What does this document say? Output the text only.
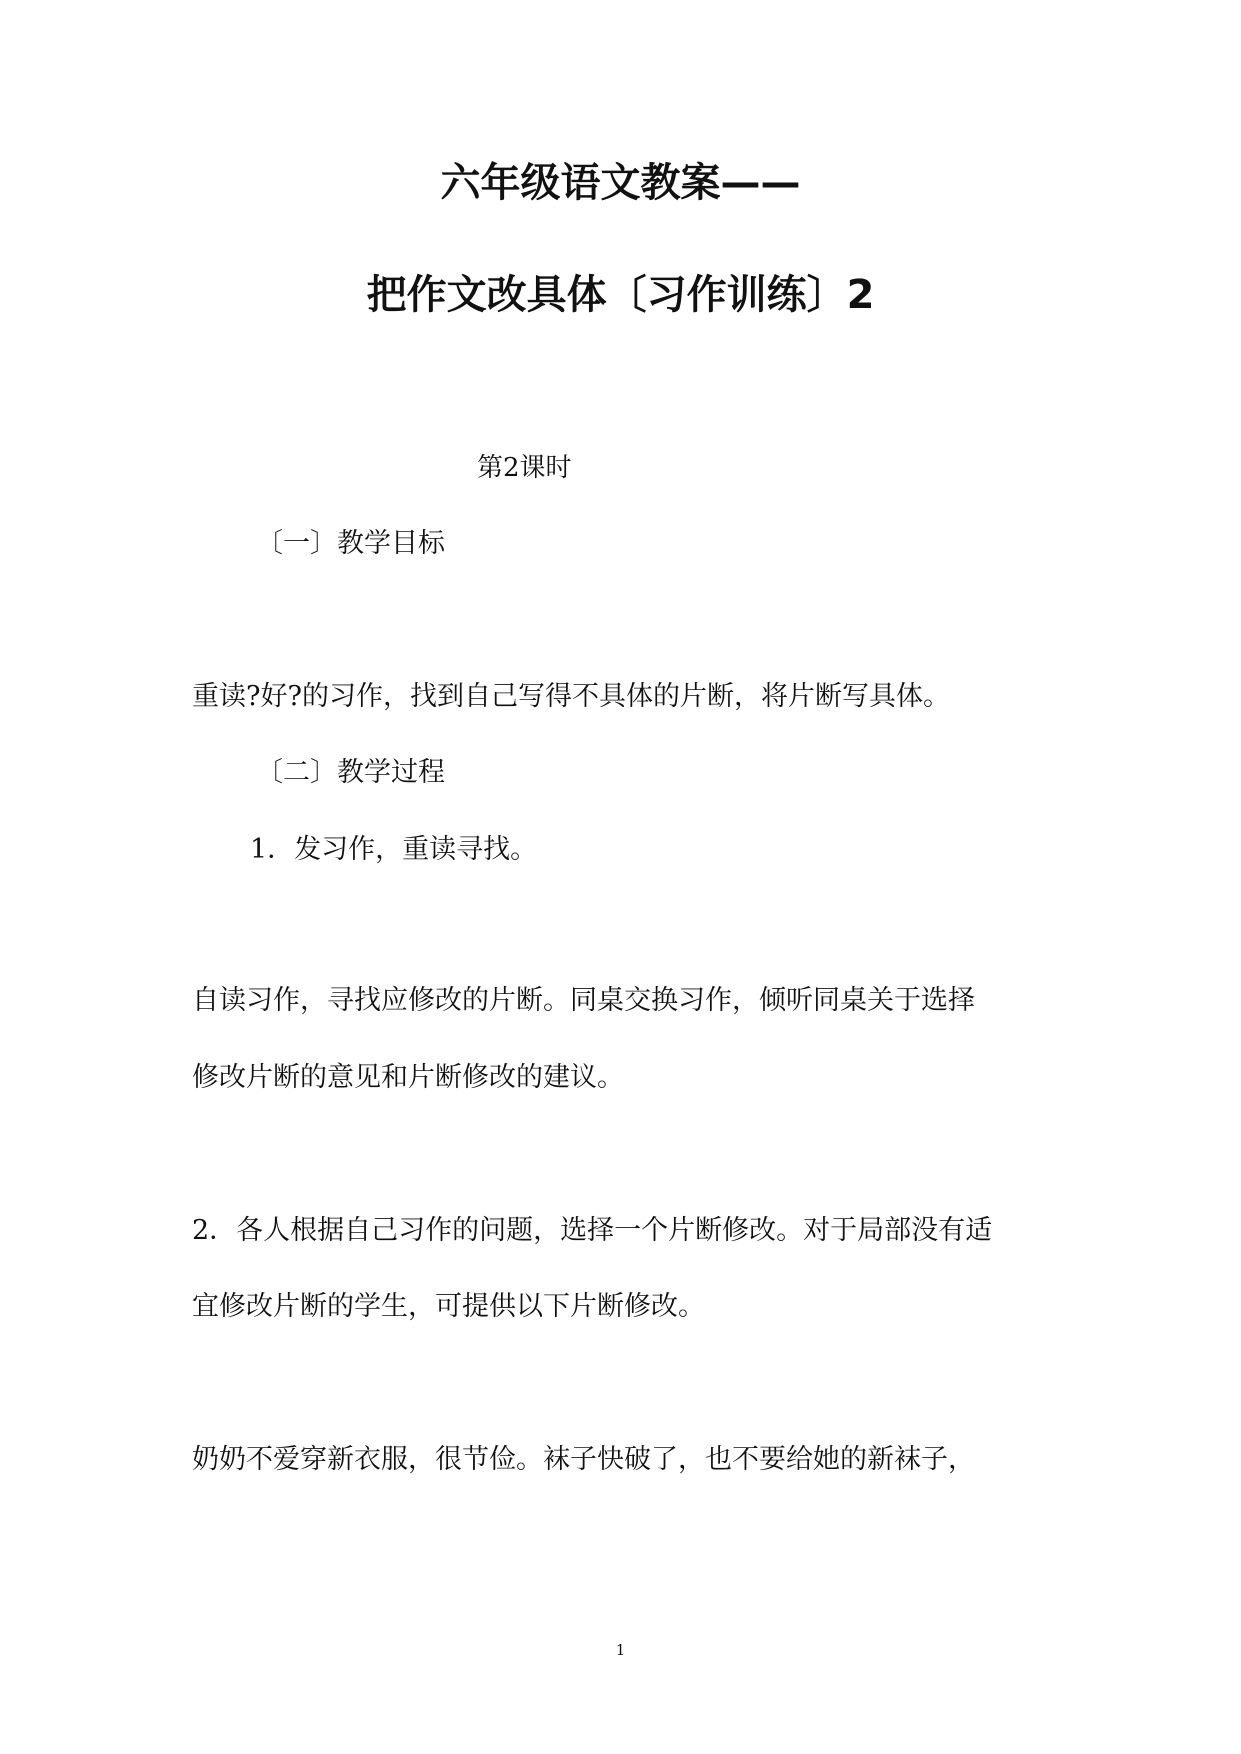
六年级语文教案——
把作文改具体〔习作训练〕2

第2课时

〔一〕教学目标

重读?好?的习作，找到自己写得不具体的片断，将片断写具体。

〔二〕教学过程

1．发习作，重读寻找。

自读习作，寻找应修改的片断。同桌交换习作，倾听同桌关于选择

修改片断的意见和片断修改的建议。

2．各人根据自己习作的问题，选择一个片断修改。对于局部没有适

宜修改片断的学生，可提供以下片断修改。

奶奶不爱穿新衣服，很节俭。袜子快破了，也不要给她的新袜子，

1
